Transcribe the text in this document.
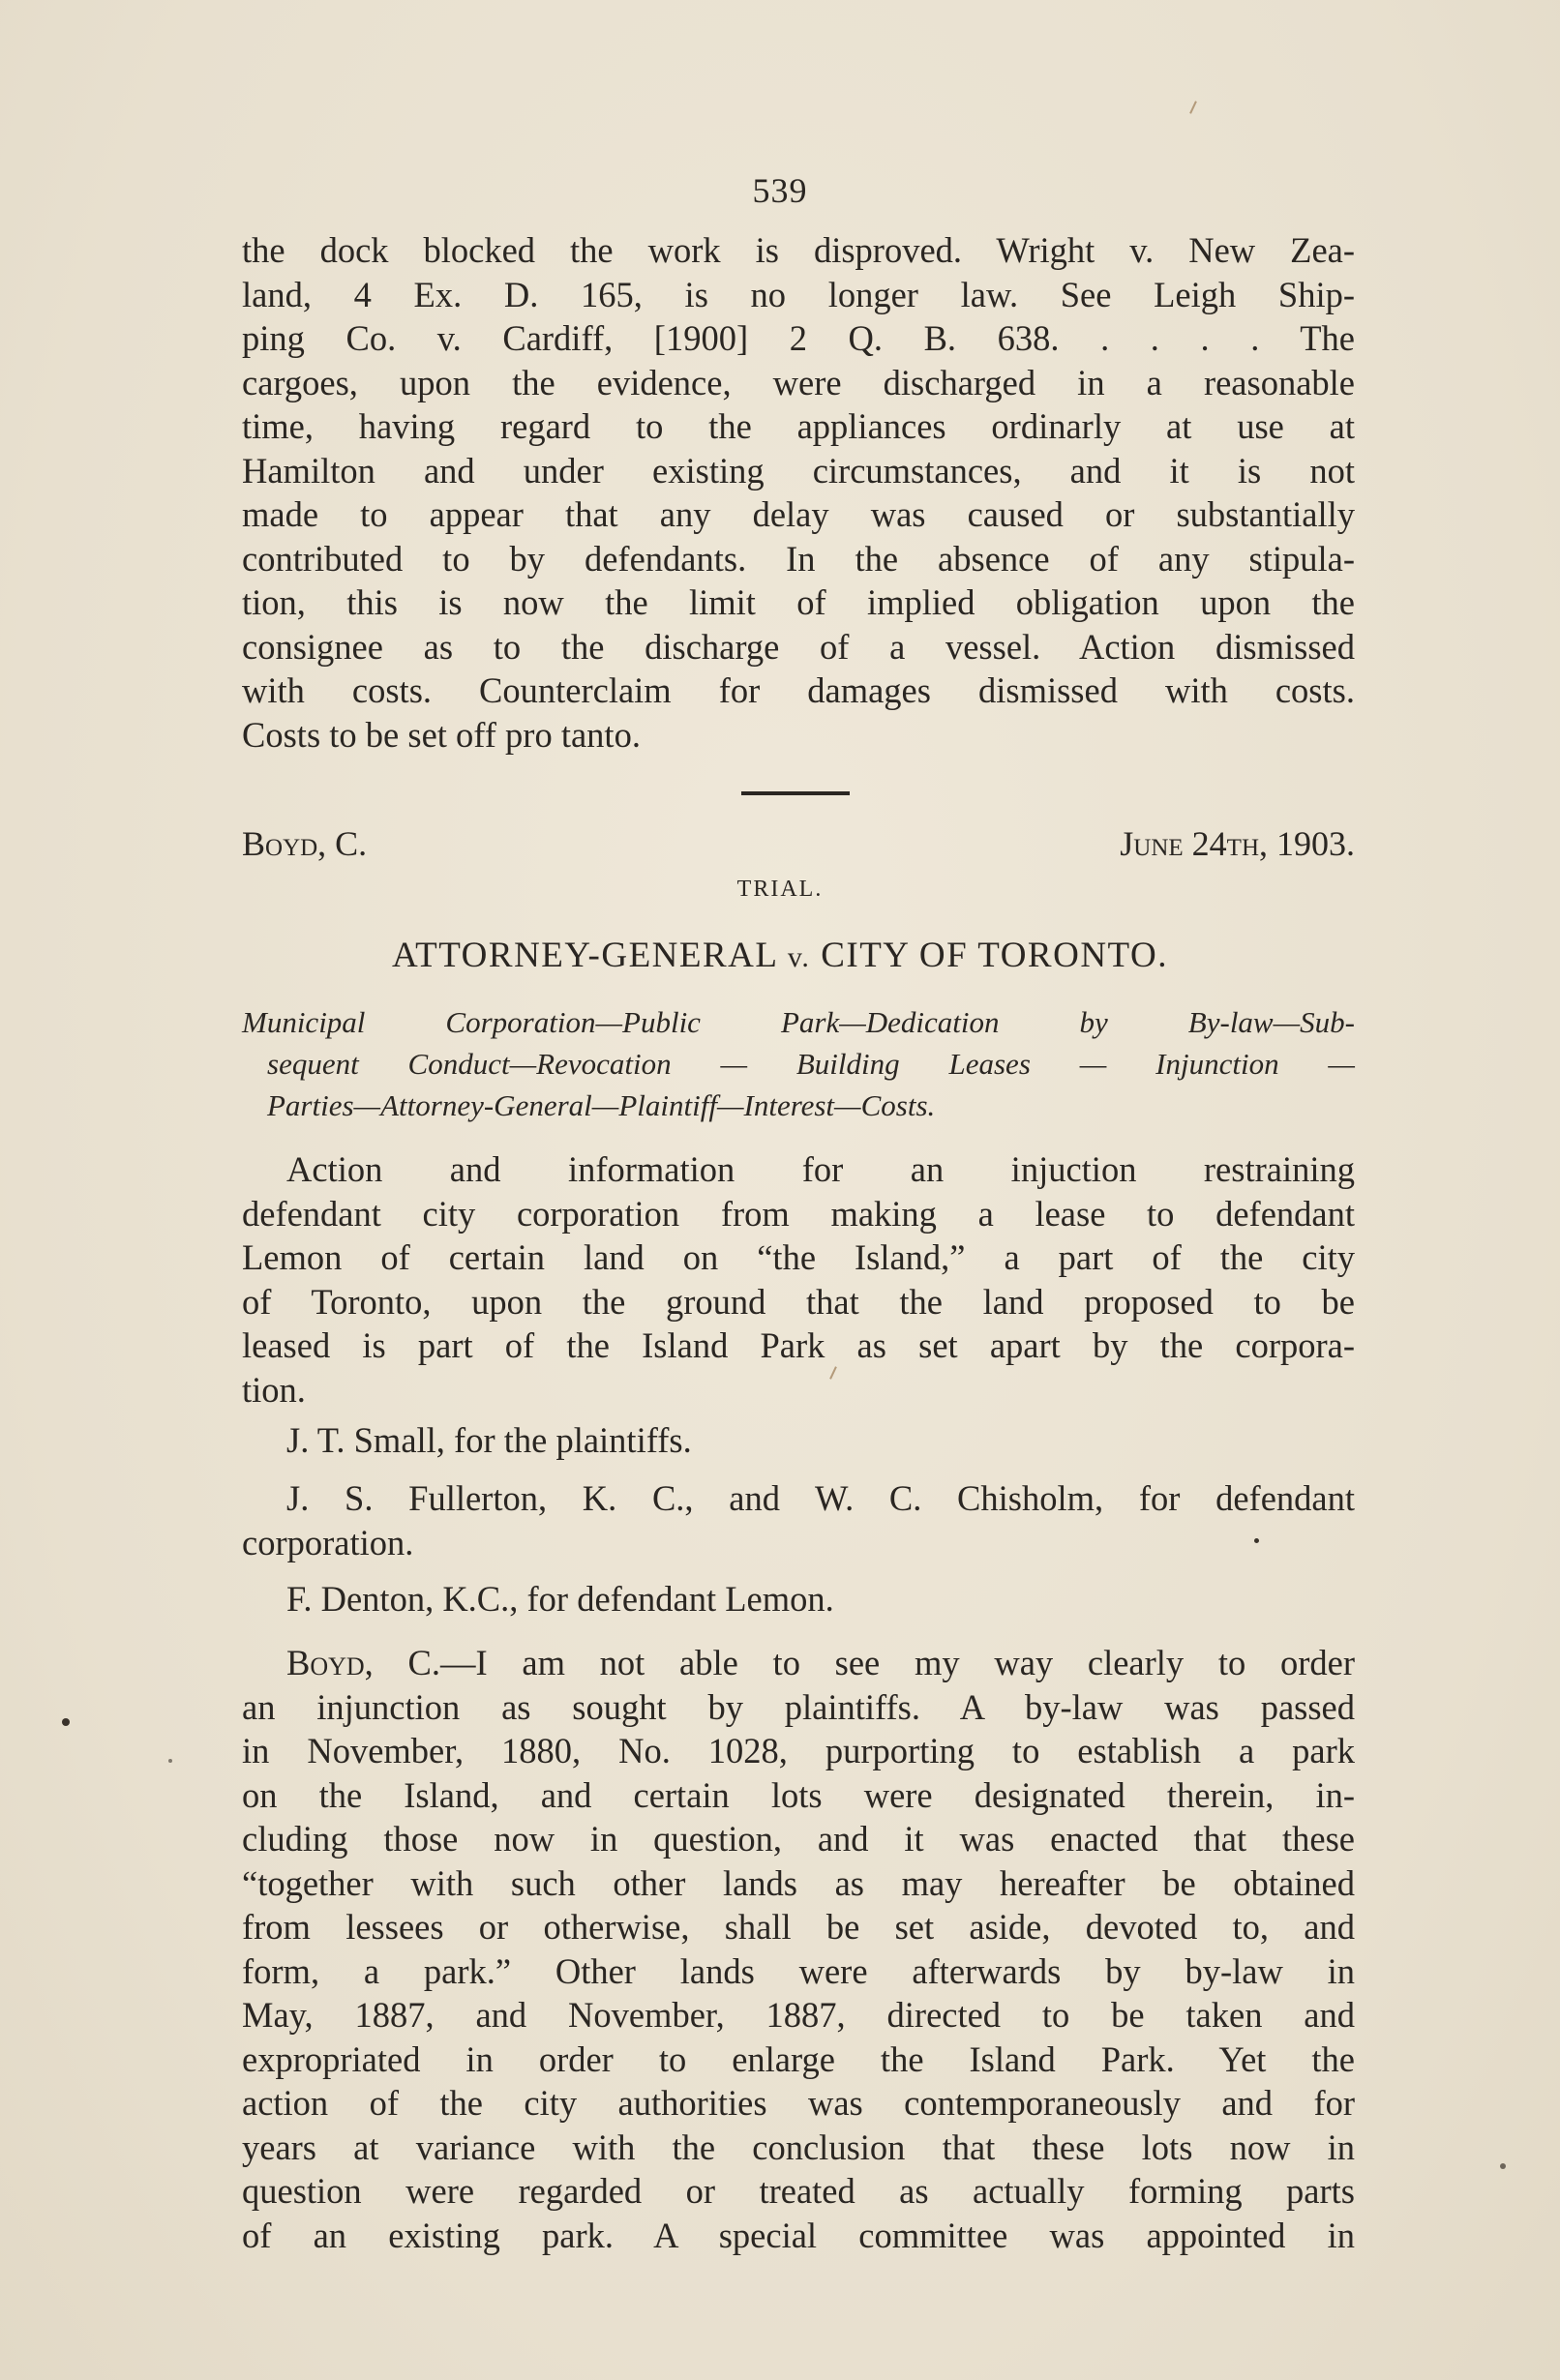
539
the dock blocked the work is disproved. Wright v. New Zea-
land, 4 Ex. D. 165, is no longer law. See Leigh Ship-
ping Co. v. Cardiff, [1900] 2 Q. B. 638. . . . . The
cargoes, upon the evidence, were discharged in a reasonable
time, having regard to the appliances ordinarly at use at
Hamilton and under existing circumstances, and it is not
made to appear that any delay was caused or substantially
contributed to by defendants. In the absence of any stipula-
tion, this is now the limit of implied obligation upon the
consignee as to the discharge of a vessel. Action dismissed
with costs. Counterclaim for damages dismissed with costs.
Costs to be set off pro tanto.
Boyd, C.	June 24th, 1903.
TRIAL.
ATTORNEY-GENERAL v. CITY OF TORONTO.
Municipal Corporation—Public Park—Dedication by By-law—Sub-
sequent Conduct—Revocation — Building Leases — Injunction —
Parties—Attorney-General—Plaintiff—Interest—Costs.
Action and information for an injuction restraining
defendant city corporation from making a lease to defendant
Lemon of certain land on “the Island,” a part of the city
of Toronto, upon the ground that the land proposed to be
leased is part of the Island Park as set apart by the corpora-
tion.
J. T. Small, for the plaintiffs.
J. S. Fullerton, K. C., and W. C. Chisholm, for defendant
corporation.
F. Denton, K.C., for defendant Lemon.
Boyd, C.—I am not able to see my way clearly to order
an injunction as sought by plaintiffs. A by-law was passed
in November, 1880, No. 1028, purporting to establish a park
on the Island, and certain lots were designated therein, in-
cluding those now in question, and it was enacted that these
“together with such other lands as may hereafter be obtained
from lessees or otherwise, shall be set aside, devoted to, and
form, a park.” Other lands were afterwards by by-law in
May, 1887, and November, 1887, directed to be taken and
expropriated in order to enlarge the Island Park. Yet the
action of the city authorities was contemporaneously and for
years at variance with the conclusion that these lots now in
question were regarded or treated as actually forming parts
of an existing park. A special committee was appointed in
